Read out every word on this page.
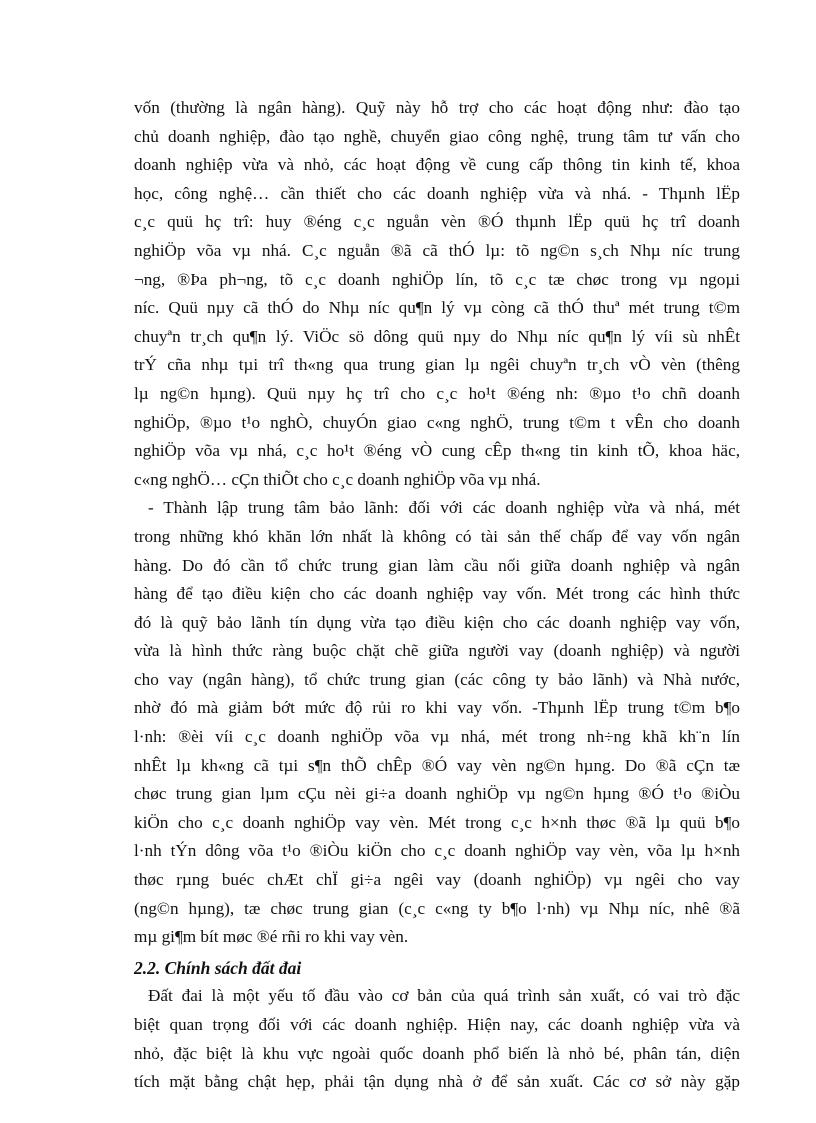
vốn (thường là ngân hàng). Quỹ này hỗ trợ cho các hoạt động như: đào tạo
chủ doanh nghiệp, đào tạo nghề, chuyển giao công nghệ, trung tâm tư vấn cho
doanh nghiệp vừa và nhỏ, các hoạt động về cung cấp thông tin kinh tế, khoa
học, công nghệ… cần thiết cho các doanh nghiệp vừa và nhá. - Thµnh lËp
c¸c quü hç trî: huy ®éng c¸c nguån vèn ®Ó thµnh lËp quü hç trî doanh
nghiÖp võa vµ nhá. C¸c nguån ®ã cã thÓ lµ: tõ ng©n s¸ch Nhµ níc trung
¬ng, ®Þa ph¬ng, tõ c¸c doanh nghiÖp lín, tõ c¸c tæ chøc trong vµ ngoµi
níc. Quü nµy cã thÓ do Nhµ níc qu¶n lý vµ còng cã thÓ thuª mét trung t©m
chuyªn tr¸ch qu¶n lý. ViÖc sö dông quü nµy do Nhµ níc qu¶n lý víi sù nhÊt
trÝ cña nhµ tµi trî th«ng qua trung gian lµ ngêi chuyªn tr¸ch vÒ vèn (thêng
lµ ng©n hµng). Quü nµy hç trî cho c¸c ho¹t ®éng nh: ®µo t¹o chñ doanh
nghiÖp, ®µo t¹o nghÒ, chuyÓn giao c«ng nghÖ, trung t©m t vÊn cho doanh
nghiÖp võa vµ nhá, c¸c ho¹t ®éng vÒ cung cÊp th«ng tin kinh tÕ, khoa häc,
c«ng nghÖ… cÇn thiÕt cho c¸c doanh nghiÖp võa vµ nhá.
- Thành lập trung tâm bảo lãnh: đối với các doanh nghiệp vừa và nhá, mét
trong những khó khăn lớn nhất là không có tài sản thế chấp để vay vốn ngân
hàng. Do đó cần tổ chức trung gian làm cầu nối giữa doanh nghiệp và ngân
hàng để tạo điều kiện cho các doanh nghiệp vay vốn. Mét trong các hình thức
đó là quỹ bảo lãnh tín dụng vừa tạo điều kiện cho các doanh nghiệp vay vốn,
vừa là hình thức ràng buộc chặt chẽ giữa người vay (doanh nghiệp) và người
cho vay (ngân hàng), tổ chức trung gian (các công ty bảo lãnh) và Nhà nước,
nhờ đó mà giảm bớt mức độ rủi ro khi vay vốn. -Thµnh lËp trung t©m b¶o
l·nh: ®èi víi c¸c doanh nghiÖp võa vµ nhá, mét trong nh÷ng khã kh¨n lín
nhÊt lµ kh«ng cã tµi s¶n thÕ chÊp ®Ó vay vèn ng©n hµng. Do ®ã cÇn tæ
chøc trung gian lµm cÇu nèi gi÷a doanh nghiÖp vµ ng©n hµng ®Ó t¹o ®iÒu
kiÖn cho c¸c doanh nghiÖp vay vèn. Mét trong c¸c h×nh thøc ®ã lµ quü b¶o
l·nh tÝn dông võa t¹o ®iÒu kiÖn cho c¸c doanh nghiÖp vay vèn, võa lµ h×nh
thøc rµng buéc chÆt chÏ gi÷a ngêi vay (doanh nghiÖp) vµ ngêi cho vay
(ng©n hµng), tæ chøc trung gian (c¸c c«ng ty b¶o l·nh) vµ Nhµ níc, nhê ®ã
mµ gi¶m bít møc ®é rñi ro khi vay vèn.
2.2. Chính sách đất đai
Đất đai là một yếu tố đầu vào cơ bản của quá trình sản xuất, có vai trò đặc
biệt quan trọng đối với các doanh nghiệp. Hiện nay, các doanh nghiệp vừa và
nhỏ, đặc biệt là khu vực ngoài quốc doanh phổ biến là nhỏ bé, phân tán, diện
tích mặt bằng chật hẹp, phải tận dụng nhà ở để sản xuất. Các cơ sở này gặp
